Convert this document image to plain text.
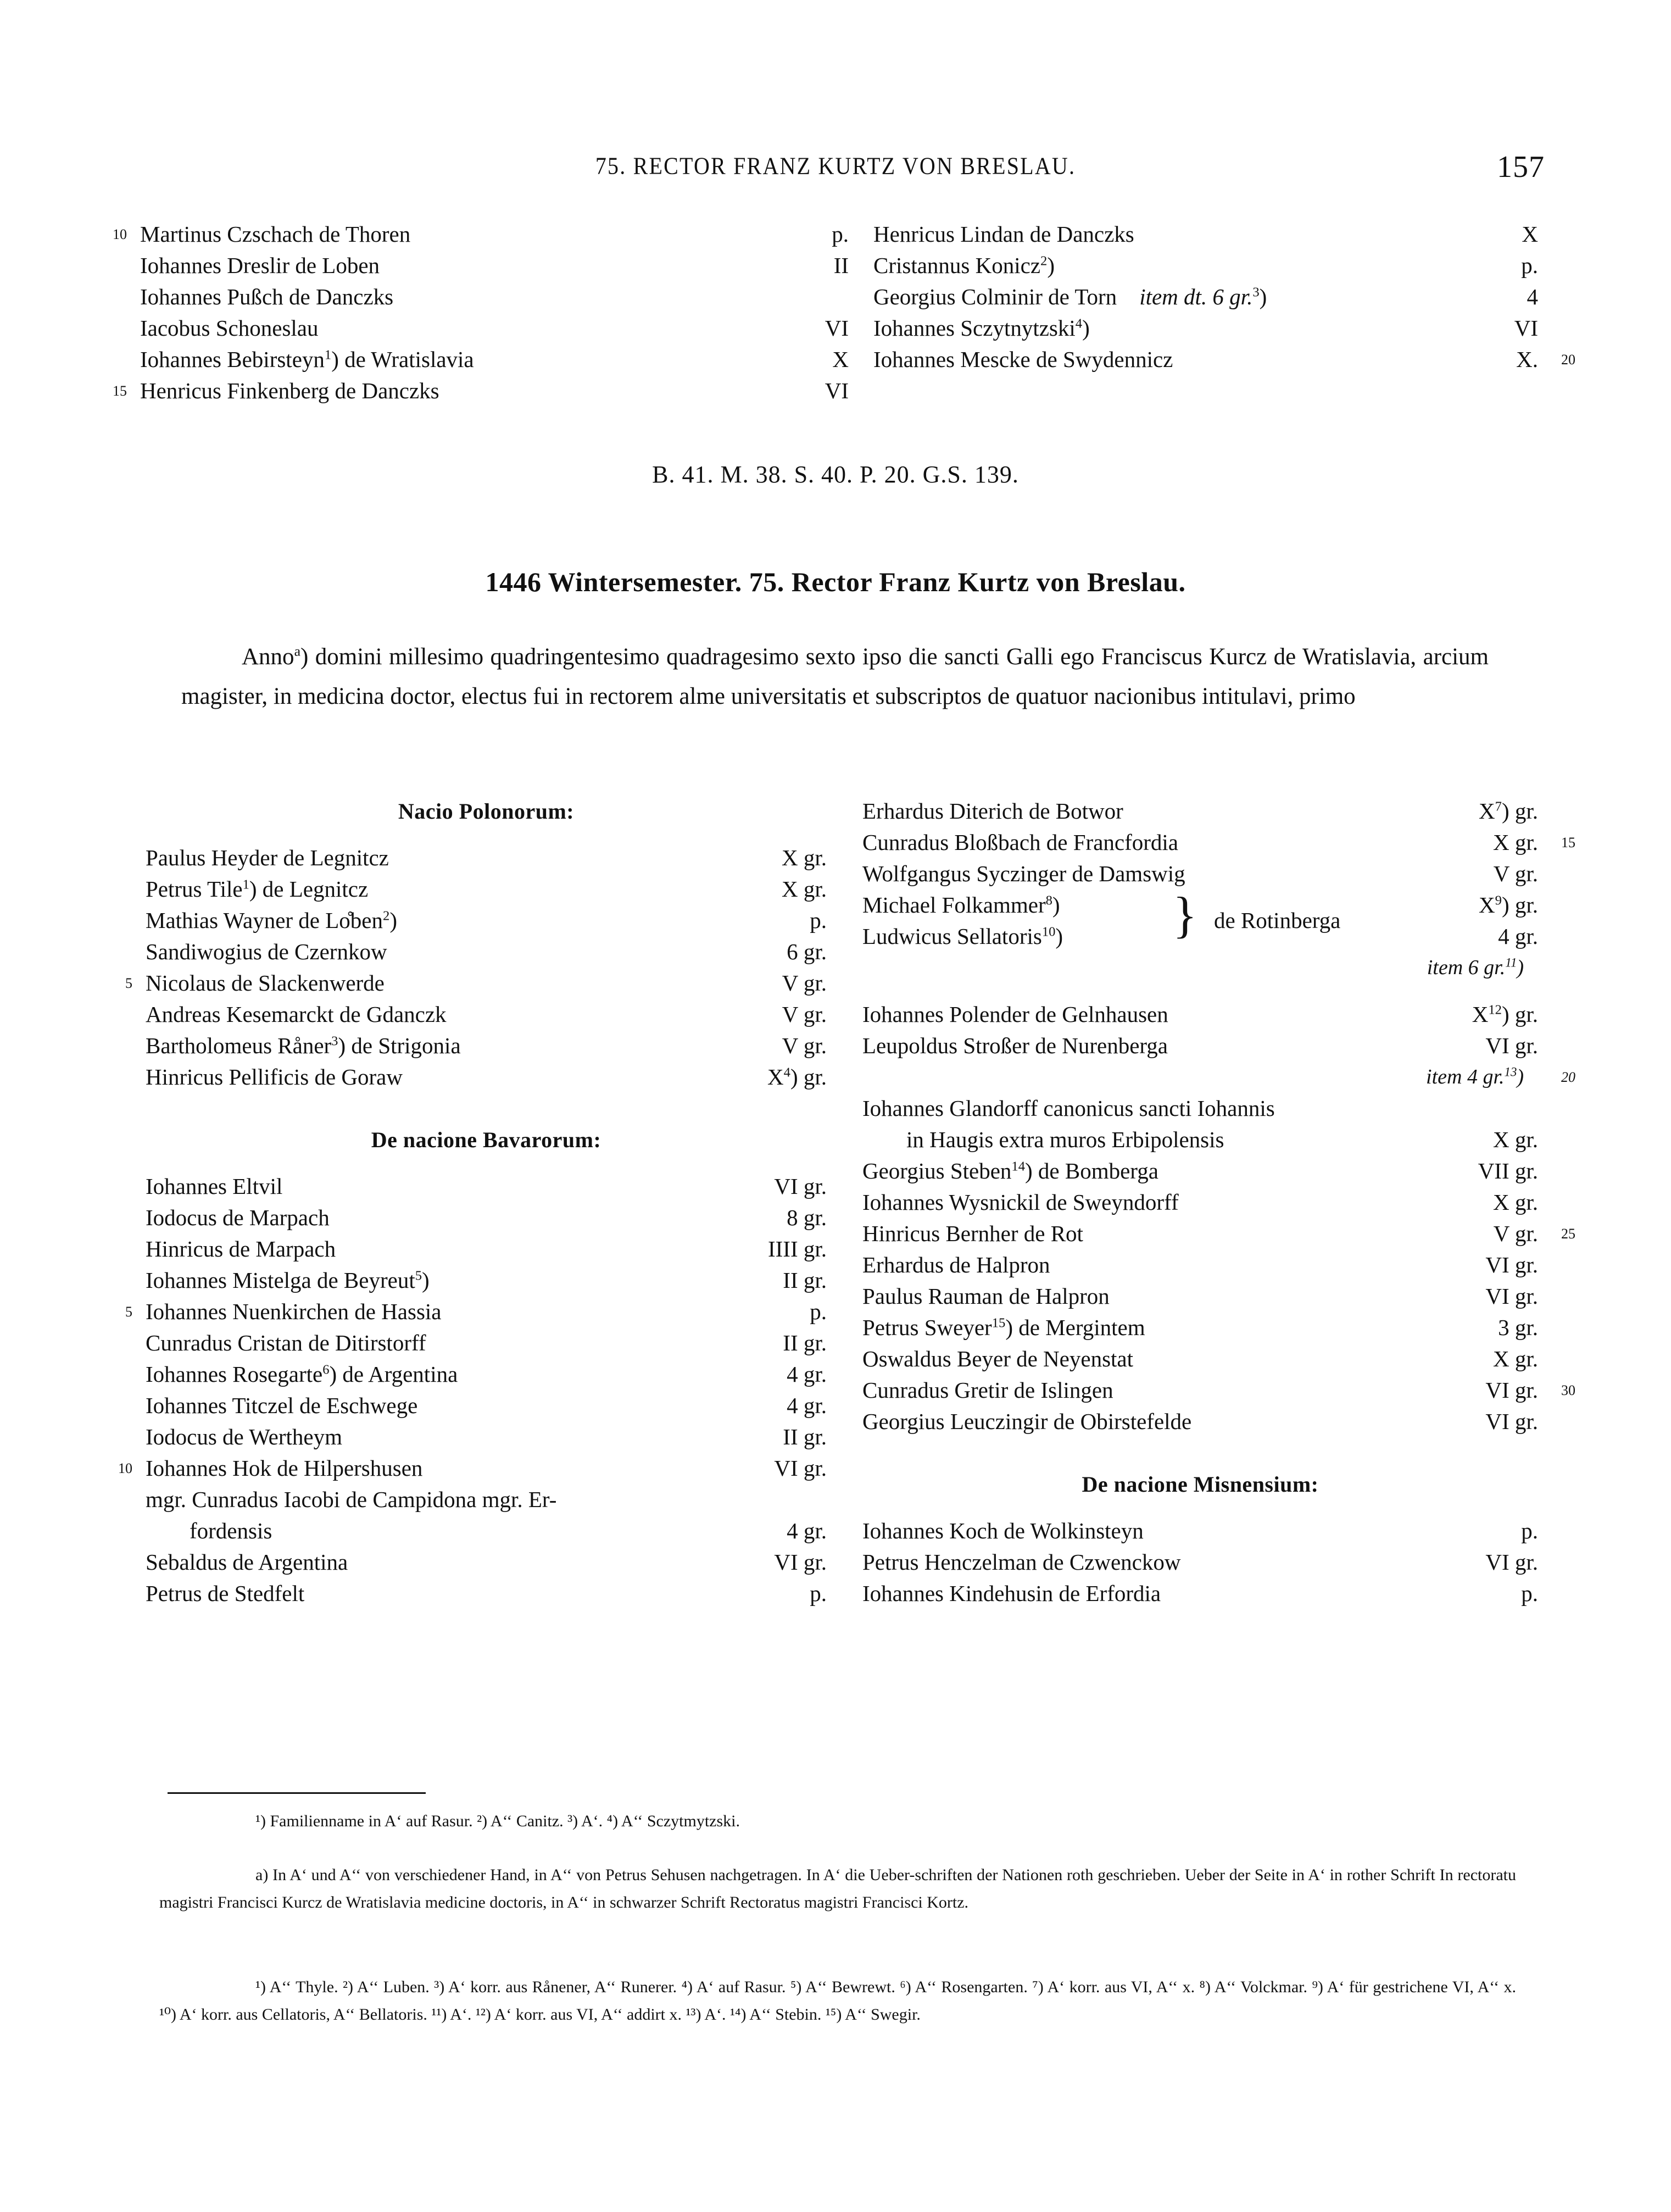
75. RECTOR FRANZ KURTZ VON BRESLAU.	157
10 Martinus Czschach de Thoren	p.
Iohannes Dreslir de Loben	II
Iohannes Pußch de Danczks
Iacobus Schoneslau	VI
Iohannes Bebirsteyn$^1$) de Wratislavia	X
15 Henricus Finkenberg de Danczks	VI
Henricus Lindan de Danczks	X
Cristannus Konicz$^2$)	p.
Georgius Colminir de Torn    item dt. 6 gr.$^3$)	4
Iohannes Sczytnytzski$^4$)	VI
Iohannes Mescke de Swydennicz	X. 20
B. 41. M. 38. S. 40. P. 20. G.S. 139.
1446 Wintersemester. 75. Rector Franz Kurtz von Breslau.
Anno$^a$) domini millesimo quadringentesimo quadragesimo sexto ipso die sancti Galli ego Franciscus Kurcz de Wratislavia, arcium magister, in medicina doctor, electus fui in rectorem alme universitatis et subscriptos de quatuor nacionibus intitulavi, primo
Nacio Polonorum:
Paulus Heyder de Legnitcz	X gr.
Petrus Tile$^1$) de Legnitcz	X gr.
Mathias Wayner de Lo̊ben$^2$)	p.
Sandiwogius de Czernkow	6 gr.
5 Nicolaus de Slackenwerde	V gr.
Andreas Kesemarckt de Gdanczk	V gr.
Bartholomeus Råner$^3$) de Strigonia	V gr.
Hinricus Pellificis de Goraw	$X^4$) gr.
De nacione Bavarorum:
Iohannes Eltvil	VI gr.
Iodocus de Marpach	8 gr.
Hinricus de Marpach	IIII gr.
Iohannes Mistelga de Beyreut$^5$)	II gr.
5 Iohannes Nuenkirchen de Hassia	p.
Cunradus Cristan de Ditirstorff	II gr.
Iohannes Rosegarte$^6$) de Argentina	4 gr.
Iohannes Titczel de Eschwege	4 gr.
Iodocus de Wertheym	II gr.
10 Iohannes Hok de Hilpershusen	VI gr.
mgr. Cunradus Iacobi de Campidona mgr. Er-
fordensis	4 gr.
Sebaldus de Argentina	VI gr.
Petrus de Stedfelt	p.
Erhardus Diterich de Botwor	$X^7$) gr.
Cunradus Bloßbach de Francfordia	X gr. 15
Wolfgangus Syczinger de Damswig	V gr.
Michael Folkammer$^8$)	$X^9$) gr.
Ludwicus Sellatoris$^{10}$)	4 gr.
} de Rotinberga
item 6 gr.$^{11}$)
Iohannes Polender de Gelnhausen	$X^{12}$) gr.
Leupoldus Stroßer de Nurenberga	VI gr.
item 4 gr.$^{13}$)	20
Iohannes Glandorff canonicus sancti Iohannis
in Haugis extra muros Erbipolensis	X gr.
Georgius Steben$^{14}$) de Bomberga	VII gr.
Iohannes Wysnickil de Sweyndorff	X gr.
Hinricus Bernher de Rot	V gr. 25
Erhardus de Halpron	VI gr.
Paulus Rauman de Halpron	VI gr.
Petrus Sweyer$^{15}$) de Mergintem	3 gr.
Oswaldus Beyer de Neyenstat	X gr.
Cunradus Gretir de Islingen	VI gr. 30
Georgius Leuczingir de Obirstefelde	VI gr.
De nacione Misnensium:
Iohannes Koch de Wolkinsteyn	p.
Petrus Henczelman de Czwenckow	VI gr.
Iohannes Kindehusin de Erfordia	p.
¹) Familienname in A‘ auf Rasur. ²) A‘‘ Canitz. ³) A‘. ⁴) A‘‘ Sczytmytzski.
a) In A‘ und A‘‘ von verschiedener Hand, in A‘‘ von Petrus Sehusen nachgetragen. In A‘ die Ueber-schriften der Nationen roth geschrieben. Ueber der Seite in A‘ in rother Schrift In rectoratu magistri Francisci Kurcz de Wratislavia medicine doctoris, in A‘‘ in schwarzer Schrift Rectoratus magistri Francisci Kortz.
¹) A‘‘ Thyle. ²) A‘‘ Luben. ³) A‘ korr. aus Rånener, A‘‘ Runerer. ⁴) A‘ auf Rasur. ⁵) A‘‘ Bewrewt. ⁶) A‘‘ Rosengarten. ⁷) A‘ korr. aus VI, A‘‘ x. ⁸) A‘‘ Volckmar. ⁹) A‘ für gestrichene VI, A‘‘ x. ¹⁰) A‘ korr. aus Cellatoris, A‘‘ Bellatoris. ¹¹) A‘. ¹²) A‘ korr. aus VI, A‘‘ addirt x. ¹³) A‘. ¹⁴) A‘‘ Stebin. ¹⁵) A‘‘ Swegir.
